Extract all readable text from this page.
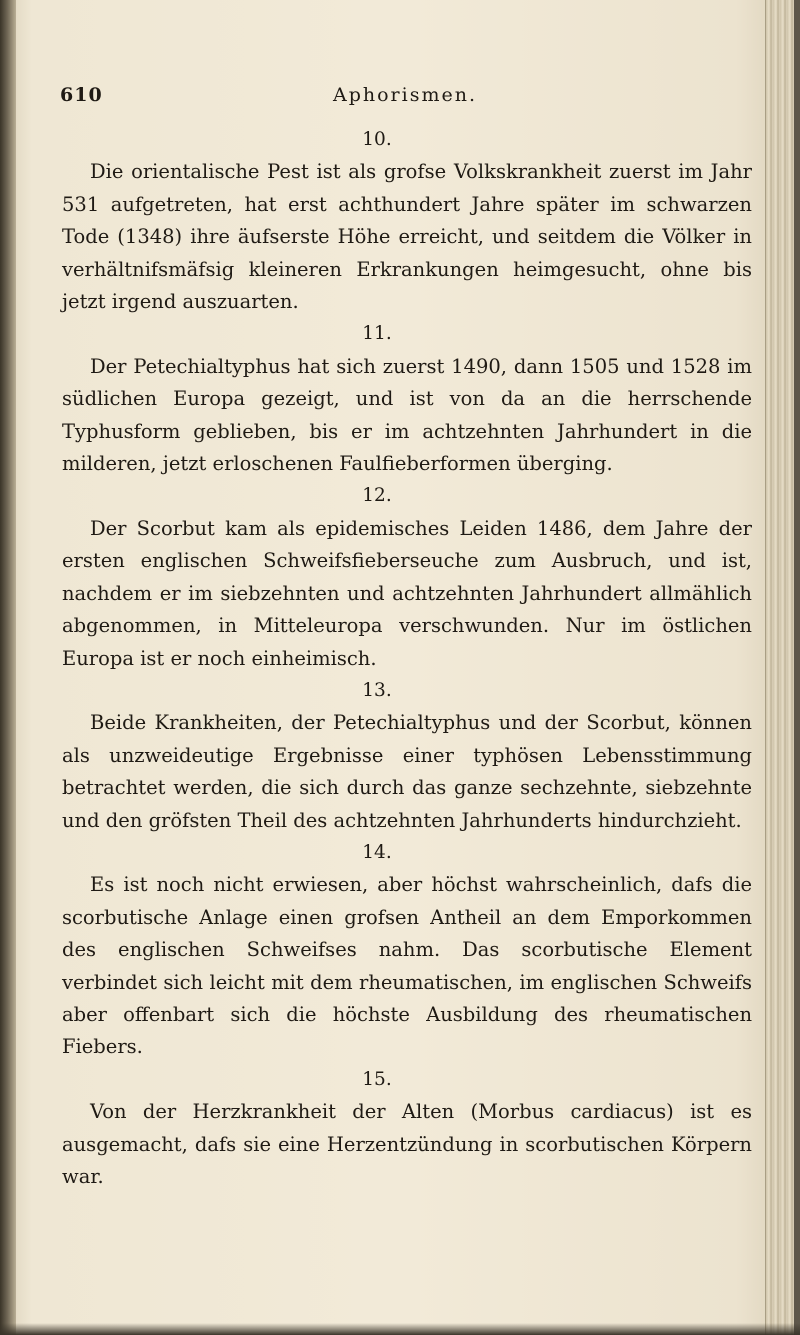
610	Aphorismen.

10.

Die orientalische Pest ist als grofse Volkskrankheit zuerst im Jahr 531 aufgetreten, hat erst achthundert Jahre später im schwarzen Tode (1348) ihre äufserste Höhe erreicht, und seitdem die Völker in verhältnifsmäfsig kleineren Erkrankungen heimgesucht, ohne bis jetzt irgend auszuarten.

11.

Der Petechialtyphus hat sich zuerst 1490, dann 1505 und 1528 im südlichen Europa gezeigt, und ist von da an die herrschende Typhusform geblieben, bis er im achtzehnten Jahrhundert in die milderen, jetzt erloschenen Faulfieberformen überging.

12.

Der Scorbut kam als epidemisches Leiden 1486, dem Jahre der ersten englischen Schweifsfieberseuche zum Ausbruch, und ist, nachdem er im siebzehnten und achtzehnten Jahrhundert allmählich abgenommen, in Mitteleuropa verschwunden. Nur im östlichen Europa ist er noch einheimisch.

13.

Beide Krankheiten, der Petechialtyphus und der Scorbut, können als unzweideutige Ergebnisse einer typhösen Lebensstimmung betrachtet werden, die sich durch das ganze sechzehnte, siebzehnte und den gröfsten Theil des achtzehnten Jahrhunderts hindurchzieht.

14.

Es ist noch nicht erwiesen, aber höchst wahrscheinlich, dafs die scorbutische Anlage einen grofsen Antheil an dem Emporkommen des englischen Schweifses nahm. Das scorbutische Element verbindet sich leicht mit dem rheumatischen, im englischen Schweifs aber offenbart sich die höchste Ausbildung des rheumatischen Fiebers.

15.

Von der Herzkrankheit der Alten (Morbus cardiacus) ist es ausgemacht, dafs sie eine Herzentzündung in scorbutischen Körpern war.
